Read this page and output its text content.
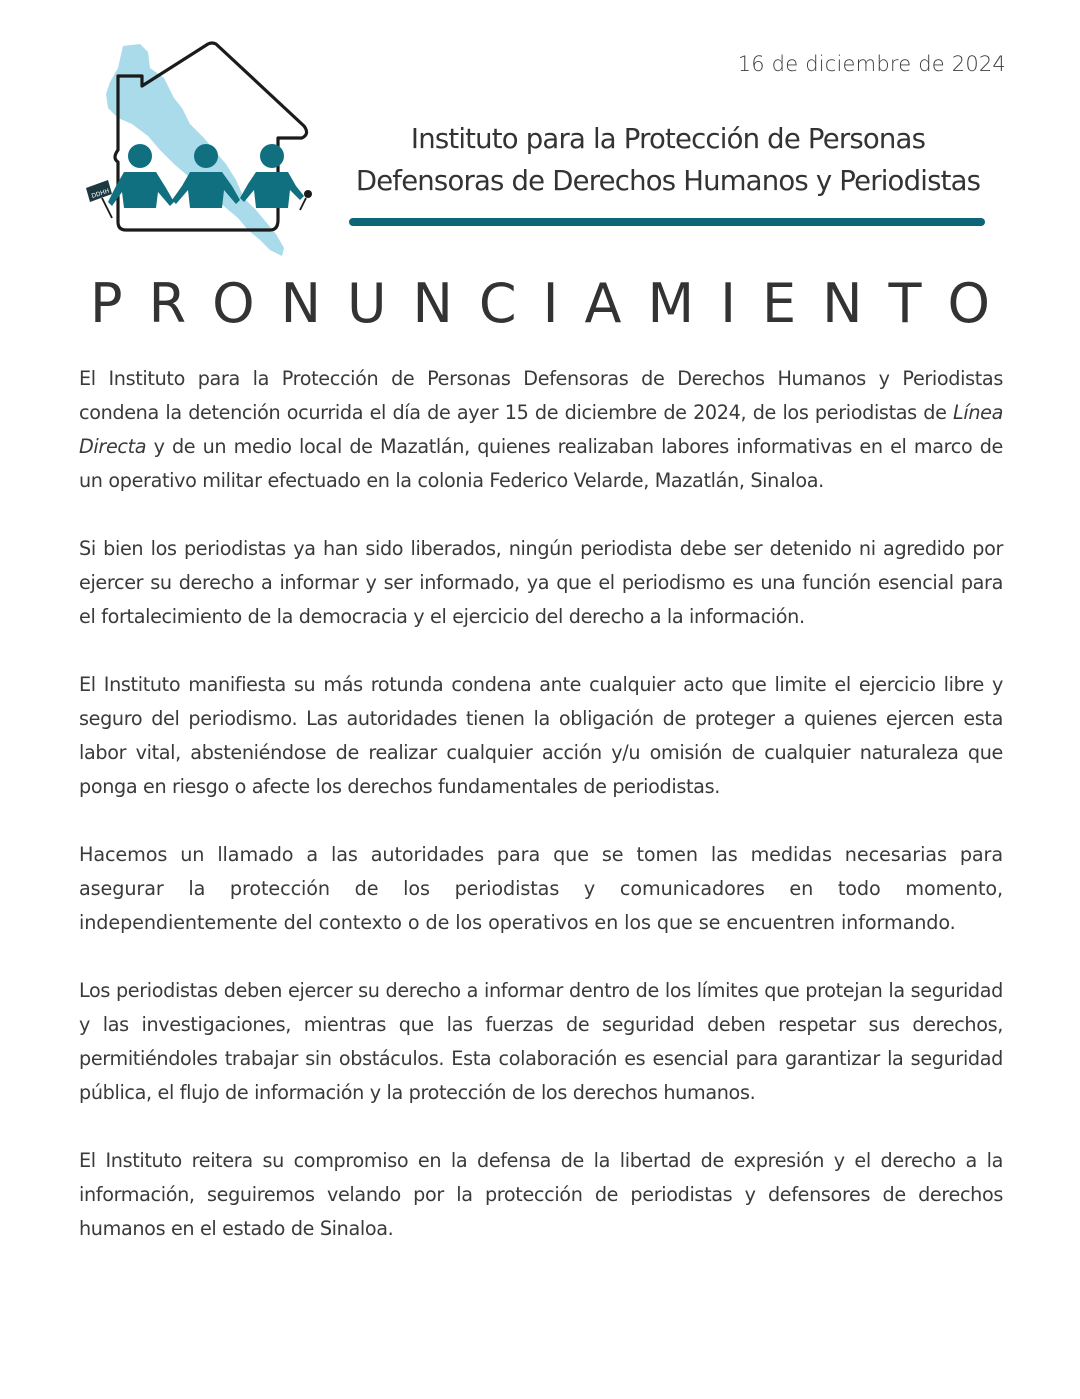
DDHH
16 de diciembre de 2024
Instituto para la Protección de Personas
Defensoras de Derechos Humanos y Periodistas
PRONUNCIAMIENTO

El Instituto para la Protección de Personas Defensoras de Derechos Humanos y Periodistas condena la detención ocurrida el día de ayer 15 de diciembre de 2024, de los periodistas de Línea Directa y de un medio local de Mazatlán, quienes realizaban labores informativas en el marco de un operativo militar efectuado en la colonia Federico Velarde, Mazatlán, Sinaloa.

Si bien los periodistas ya han sido liberados, ningún periodista debe ser detenido ni agredido por ejercer su derecho a informar y ser informado, ya que el periodismo es una función esencial para el fortalecimiento de la democracia y el ejercicio del derecho a la información.

El Instituto manifiesta su más rotunda condena ante cualquier acto que limite el ejercicio libre y seguro del periodismo. Las autoridades tienen la obligación de proteger a quienes ejercen esta labor vital, absteniéndose de realizar cualquier acción y/u omisión de cualquier naturaleza que ponga en riesgo o afecte los derechos fundamentales de periodistas.

Hacemos un llamado a las autoridades para que se tomen las medidas necesarias para asegurar la protección de los periodistas y comunicadores en todo momento, independientemente del contexto o de los operativos en los que se encuentren informando.

Los periodistas deben ejercer su derecho a informar dentro de los límites que protejan la seguridad y las investigaciones, mientras que las fuerzas de seguridad deben respetar sus derechos, permitiéndoles trabajar sin obstáculos. Esta colaboración es esencial para garantizar la seguridad pública, el flujo de información y la protección de los derechos humanos.

El Instituto reitera su compromiso en la defensa de la libertad de expresión y el derecho a la información, seguiremos velando por la protección de periodistas y defensores de derechos humanos en el estado de Sinaloa.
